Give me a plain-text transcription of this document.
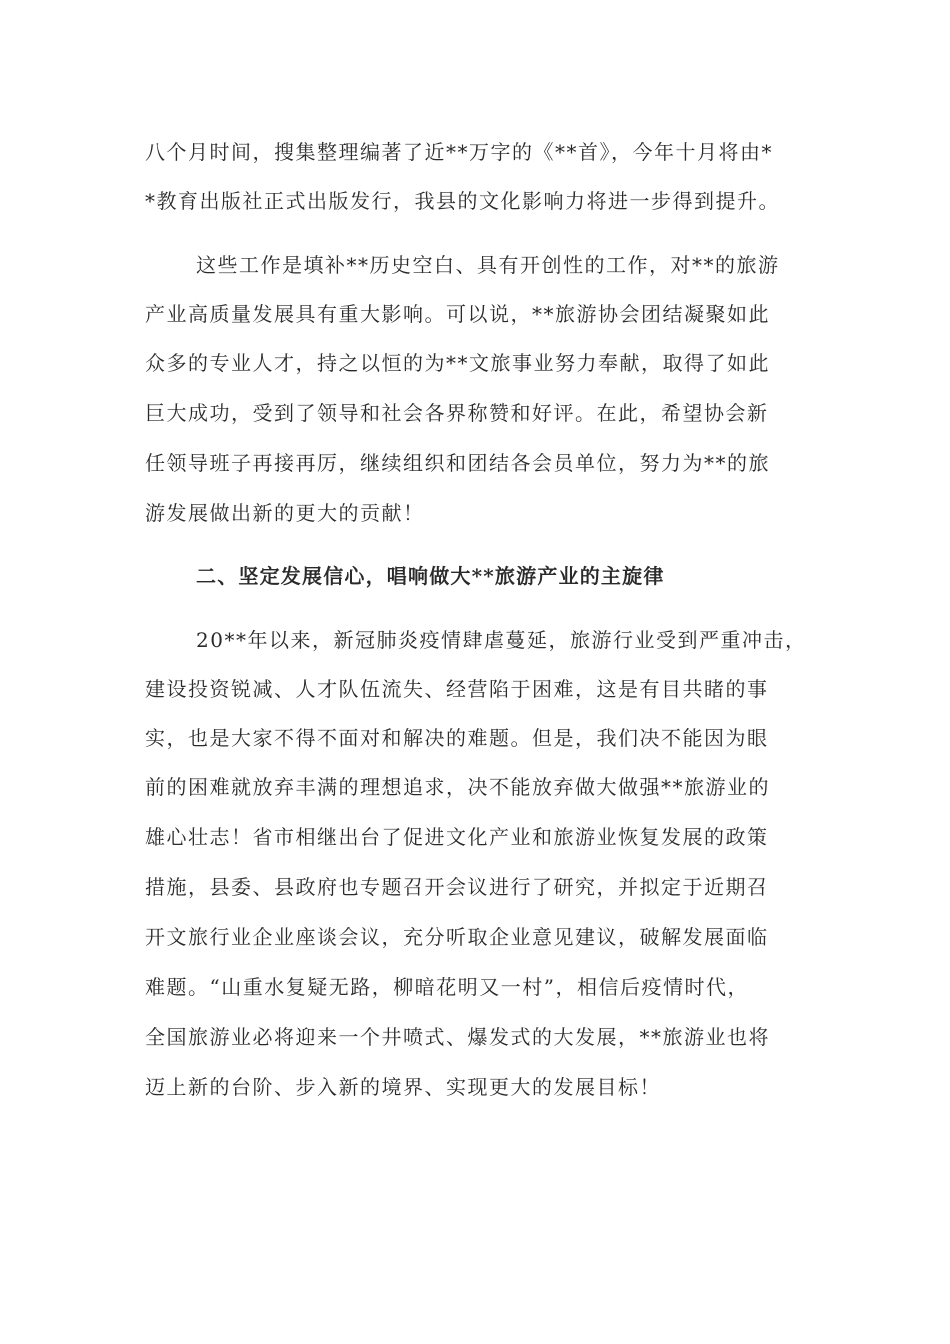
八个月时间，搜集整理编著了近**万字的《**首》，今年十月将由*
*教育出版社正式出版发行，我县的文化影响力将进一步得到提升。
这些工作是填补**历史空白、具有开创性的工作，对**的旅游
产业高质量发展具有重大影响。可以说，**旅游协会团结凝聚如此
众多的专业人才，持之以恒的为**文旅事业努力奉献，取得了如此
巨大成功，受到了领导和社会各界称赞和好评。在此，希望协会新
任领导班子再接再厉，继续组织和团结各会员单位，努力为**的旅
游发展做出新的更大的贡献！
二、坚定发展信心，唱响做大**旅游产业的主旋律
20**年以来，新冠肺炎疫情肆虐蔓延，旅游行业受到严重冲击，
建设投资锐减、人才队伍流失、经营陷于困难，这是有目共睹的事
实，也是大家不得不面对和解决的难题。但是，我们决不能因为眼
前的困难就放弃丰满的理想追求，决不能放弃做大做强**旅游业的
雄心壮志！省市相继出台了促进文化产业和旅游业恢复发展的政策
措施，县委、县政府也专题召开会议进行了研究，并拟定于近期召
开文旅行业企业座谈会议，充分听取企业意见建议，破解发展面临
难题。“山重水复疑无路，柳暗花明又一村”，相信后疫情时代，
全国旅游业必将迎来一个井喷式、爆发式的大发展，**旅游业也将
迈上新的台阶、步入新的境界、实现更大的发展目标！
